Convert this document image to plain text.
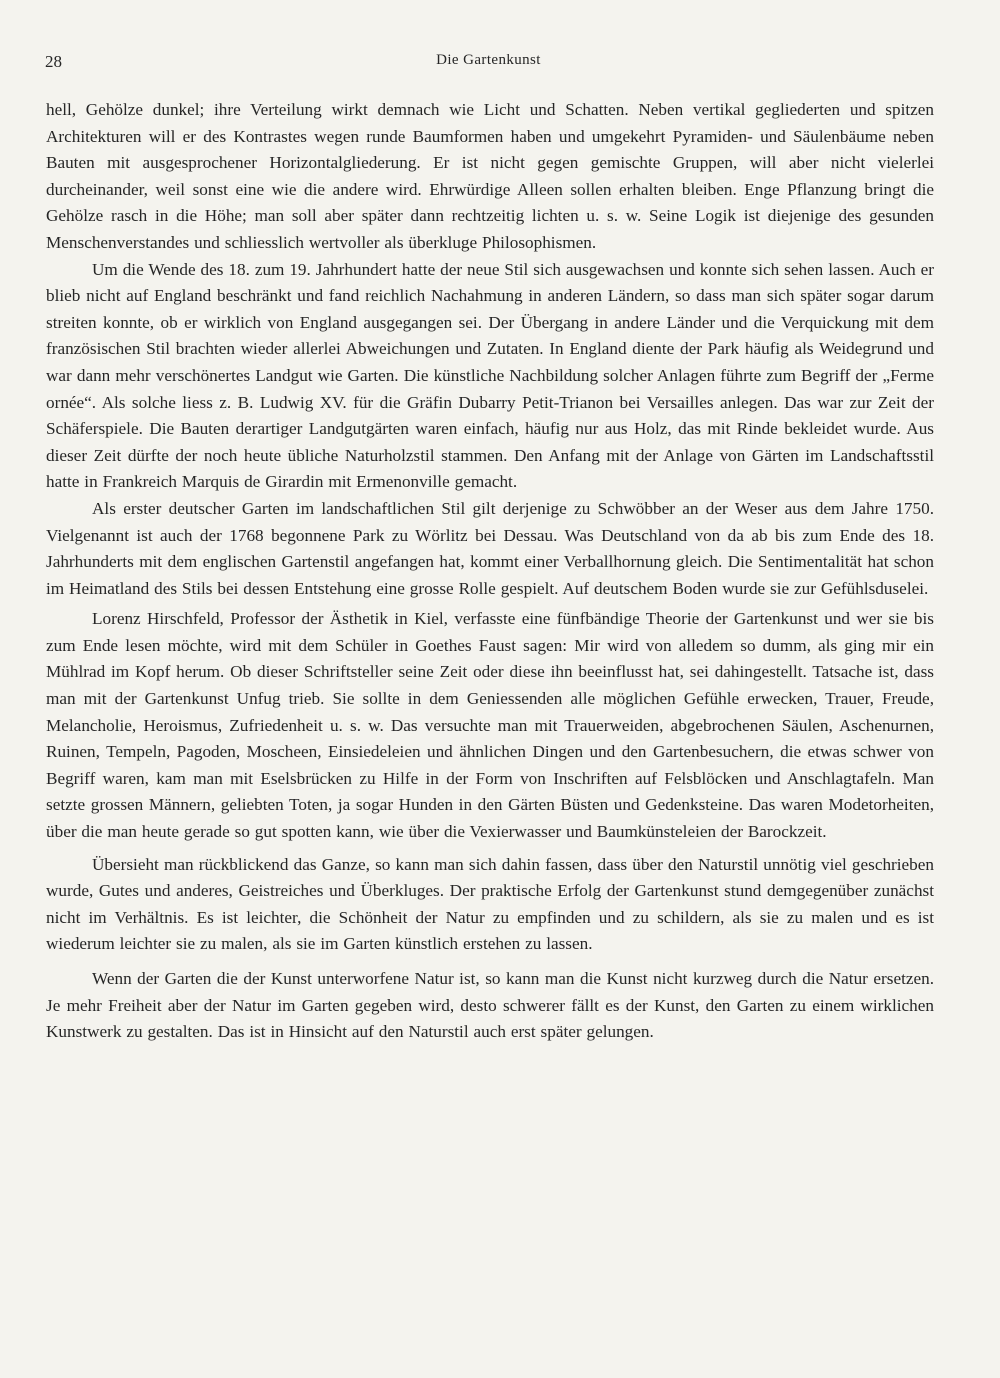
28	Die Gartenkunst

hell, Gehölze dunkel; ihre Verteilung wirkt demnach wie Licht und Schatten. Neben vertikal gegliederten und spitzen Architekturen will er des Kontrastes wegen runde Baumformen haben und umgekehrt Pyramiden- und Säulenbäume neben Bauten mit ausgesprochener Horizontalgliederung. Er ist nicht gegen gemischte Gruppen, will aber nicht vielerlei durcheinander, weil sonst eine wie die andere wird. Ehrwürdige Alleen sollen erhalten bleiben. Enge Pflanzung bringt die Gehölze rasch in die Höhe; man soll aber später dann rechtzeitig lichten u. s. w. Seine Logik ist diejenige des gesunden Menschenverstandes und schliesslich wertvoller als überkluge Philosophismen.

Um die Wende des 18. zum 19. Jahrhundert hatte der neue Stil sich ausgewachsen und konnte sich sehen lassen. Auch er blieb nicht auf England beschränkt und fand reichlich Nachahmung in anderen Ländern, so dass man sich später sogar darum streiten konnte, ob er wirklich von England ausgegangen sei. Der Übergang in andere Länder und die Verquickung mit dem französischen Stil brachten wieder allerlei Abweichungen und Zutaten. In England diente der Park häufig als Weidegrund und war dann mehr verschönertes Landgut wie Garten. Die künstliche Nachbildung solcher Anlagen führte zum Begriff der „Ferme ornée“. Als solche liess z. B. Ludwig XV. für die Gräfin Dubarry Petit-Trianon bei Versailles anlegen. Das war zur Zeit der Schäferspiele. Die Bauten derartiger Landgutgärten waren einfach, häufig nur aus Holz, das mit Rinde bekleidet wurde. Aus dieser Zeit dürfte der noch heute übliche Naturholzstil stammen. Den Anfang mit der Anlage von Gärten im Landschaftsstil hatte in Frankreich Marquis de Girardin mit Ermenonville gemacht.

Als erster deutscher Garten im landschaftlichen Stil gilt derjenige zu Schwöbber an der Weser aus dem Jahre 1750. Vielgenannt ist auch der 1768 begonnene Park zu Wörlitz bei Dessau. Was Deutschland von da ab bis zum Ende des 18. Jahrhunderts mit dem englischen Gartenstil angefangen hat, kommt einer Verballhornung gleich. Die Sentimentalität hat schon im Heimatland des Stils bei dessen Entstehung eine grosse Rolle gespielt. Auf deutschem Boden wurde sie zur Gefühlsduselei.

Lorenz Hirschfeld, Professor der Ästhetik in Kiel, verfasste eine fünfbändige Theorie der Gartenkunst und wer sie bis zum Ende lesen möchte, wird mit dem Schüler in Goethes Faust sagen: Mir wird von alledem so dumm, als ging mir ein Mühlrad im Kopf herum. Ob dieser Schriftsteller seine Zeit oder diese ihn beeinflusst hat, sei dahingestellt. Tatsache ist, dass man mit der Gartenkunst Unfug trieb. Sie sollte in dem Geniessenden alle möglichen Gefühle erwecken, Trauer, Freude, Melancholie, Heroismus, Zufriedenheit u. s. w. Das versuchte man mit Trauerweiden, abgebrochenen Säulen, Aschenurnen, Ruinen, Tempeln, Pagoden, Moscheen, Einsiedeleien und ähnlichen Dingen und den Gartenbesuchern, die etwas schwer von Begriff waren, kam man mit Eselsbrücken zu Hilfe in der Form von Inschriften auf Felsblöcken und Anschlagtafeln. Man setzte grossen Männern, geliebten Toten, ja sogar Hunden in den Gärten Büsten und Gedenksteine. Das waren Modetorheiten, über die man heute gerade so gut spotten kann, wie über die Vexierwasser und Baumkünsteleien der Barockzeit.

Übersieht man rückblickend das Ganze, so kann man sich dahin fassen, dass über den Naturstil unnötig viel geschrieben wurde, Gutes und anderes, Geistreiches und Überkluges. Der praktische Erfolg der Gartenkunst stund demgegenüber zunächst nicht im Verhältnis. Es ist leichter, die Schönheit der Natur zu empfinden und zu schildern, als sie zu malen und es ist wiederum leichter sie zu malen, als sie im Garten künstlich erstehen zu lassen.

Wenn der Garten die der Kunst unterworfene Natur ist, so kann man die Kunst nicht kurzweg durch die Natur ersetzen. Je mehr Freiheit aber der Natur im Garten gegeben wird, desto schwerer fällt es der Kunst, den Garten zu einem wirklichen Kunstwerk zu gestalten. Das ist in Hinsicht auf den Naturstil auch erst später gelungen.
